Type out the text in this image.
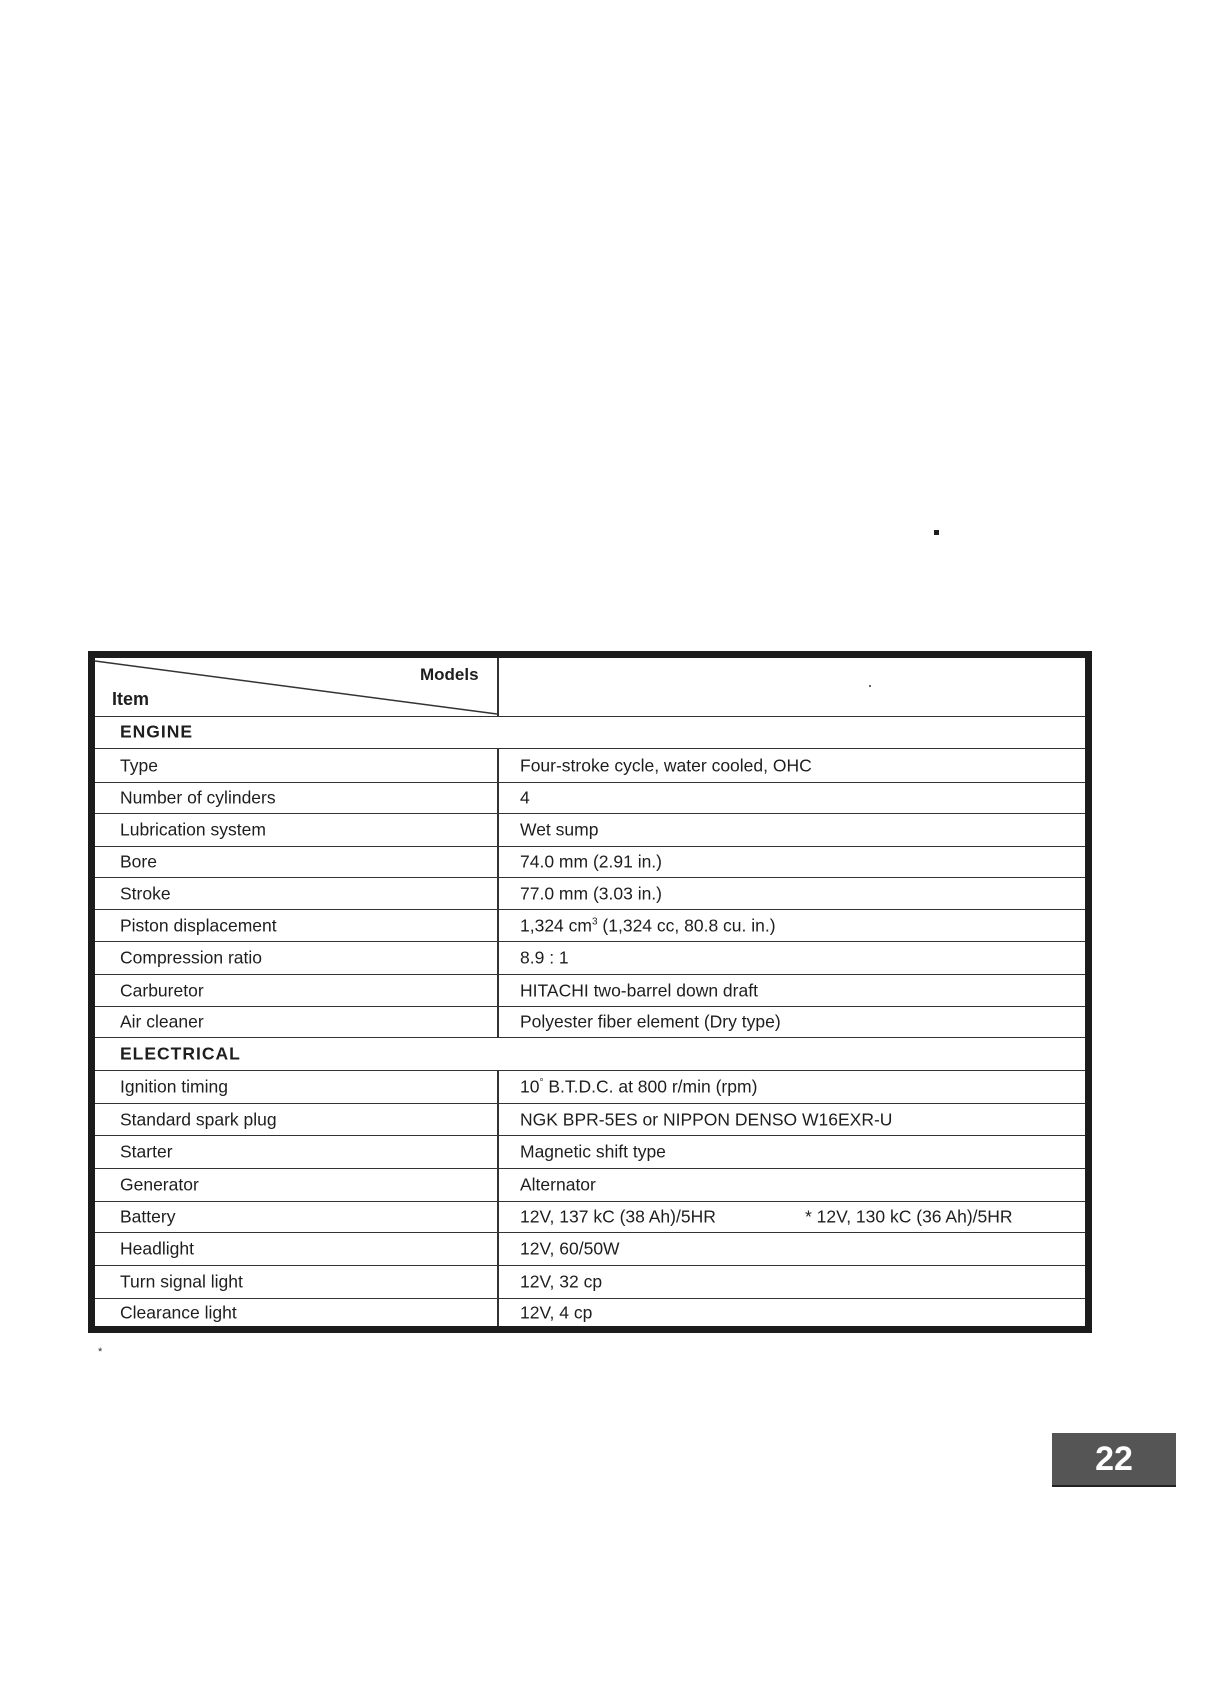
Models
Item
ENGINE
Type	Four-stroke cycle, water cooled, OHC
Number of cylinders	4
Lubrication system	Wet sump
Bore	74.0 mm (2.91 in.)
Stroke	77.0 mm (3.03 in.)
Piston displacement	1,324 $cm^3$ (1,324 cc, 80.8 cu. in.)
Compression ratio	8.9 : 1
Carburetor	HITACHI two-barrel down draft
Air cleaner	Polyester fiber element (Dry type)
ELECTRICAL
Ignition timing	10° B.T.D.C. at 800 r/min (rpm)
Standard spark plug	NGK BPR-5ES or NIPPON DENSO W16EXR-U
Starter	Magnetic shift type
Generator	Alternator
Battery	12V, 137 kC (38 Ah)/5HR	* 12V, 130 kC (36 Ah)/5HR
Headlight	12V, 60/50W
Turn signal light	12V, 32 cp
Clearance light	12V, 4 cp
*
22
